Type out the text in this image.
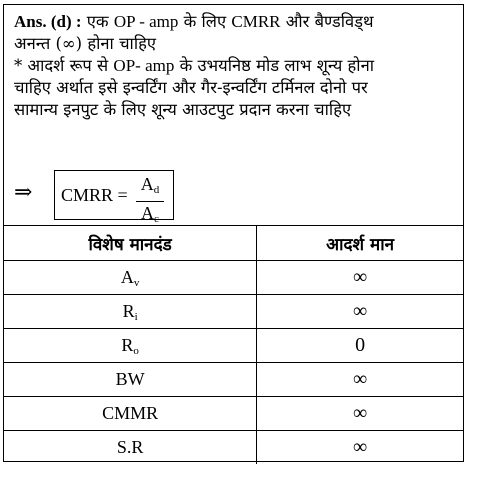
Ans. (d) : एक OP - amp के लिए CMRR और बैण्डविड्थ
अनन्त (∞) होना चाहिए
* आदर्श रूप से OP- amp के उभयनिष्ठ मोड लाभ शून्य होना
चाहिए अर्थात इसे इन्वर्टिंग और गैर-इन्वर्टिंग टर्मिनल दोनो पर
सामान्य इनपुट के लिए शून्य आउटपुट प्रदान करना चाहिए
⇒ CMRR = $\frac{A_d}{A_c}$
विशेष मानदंड	आदर्श मान
$A_v$	∞
$R_i$	∞
$R_o$	0
BW	∞
CMMR	∞
S.R	∞
